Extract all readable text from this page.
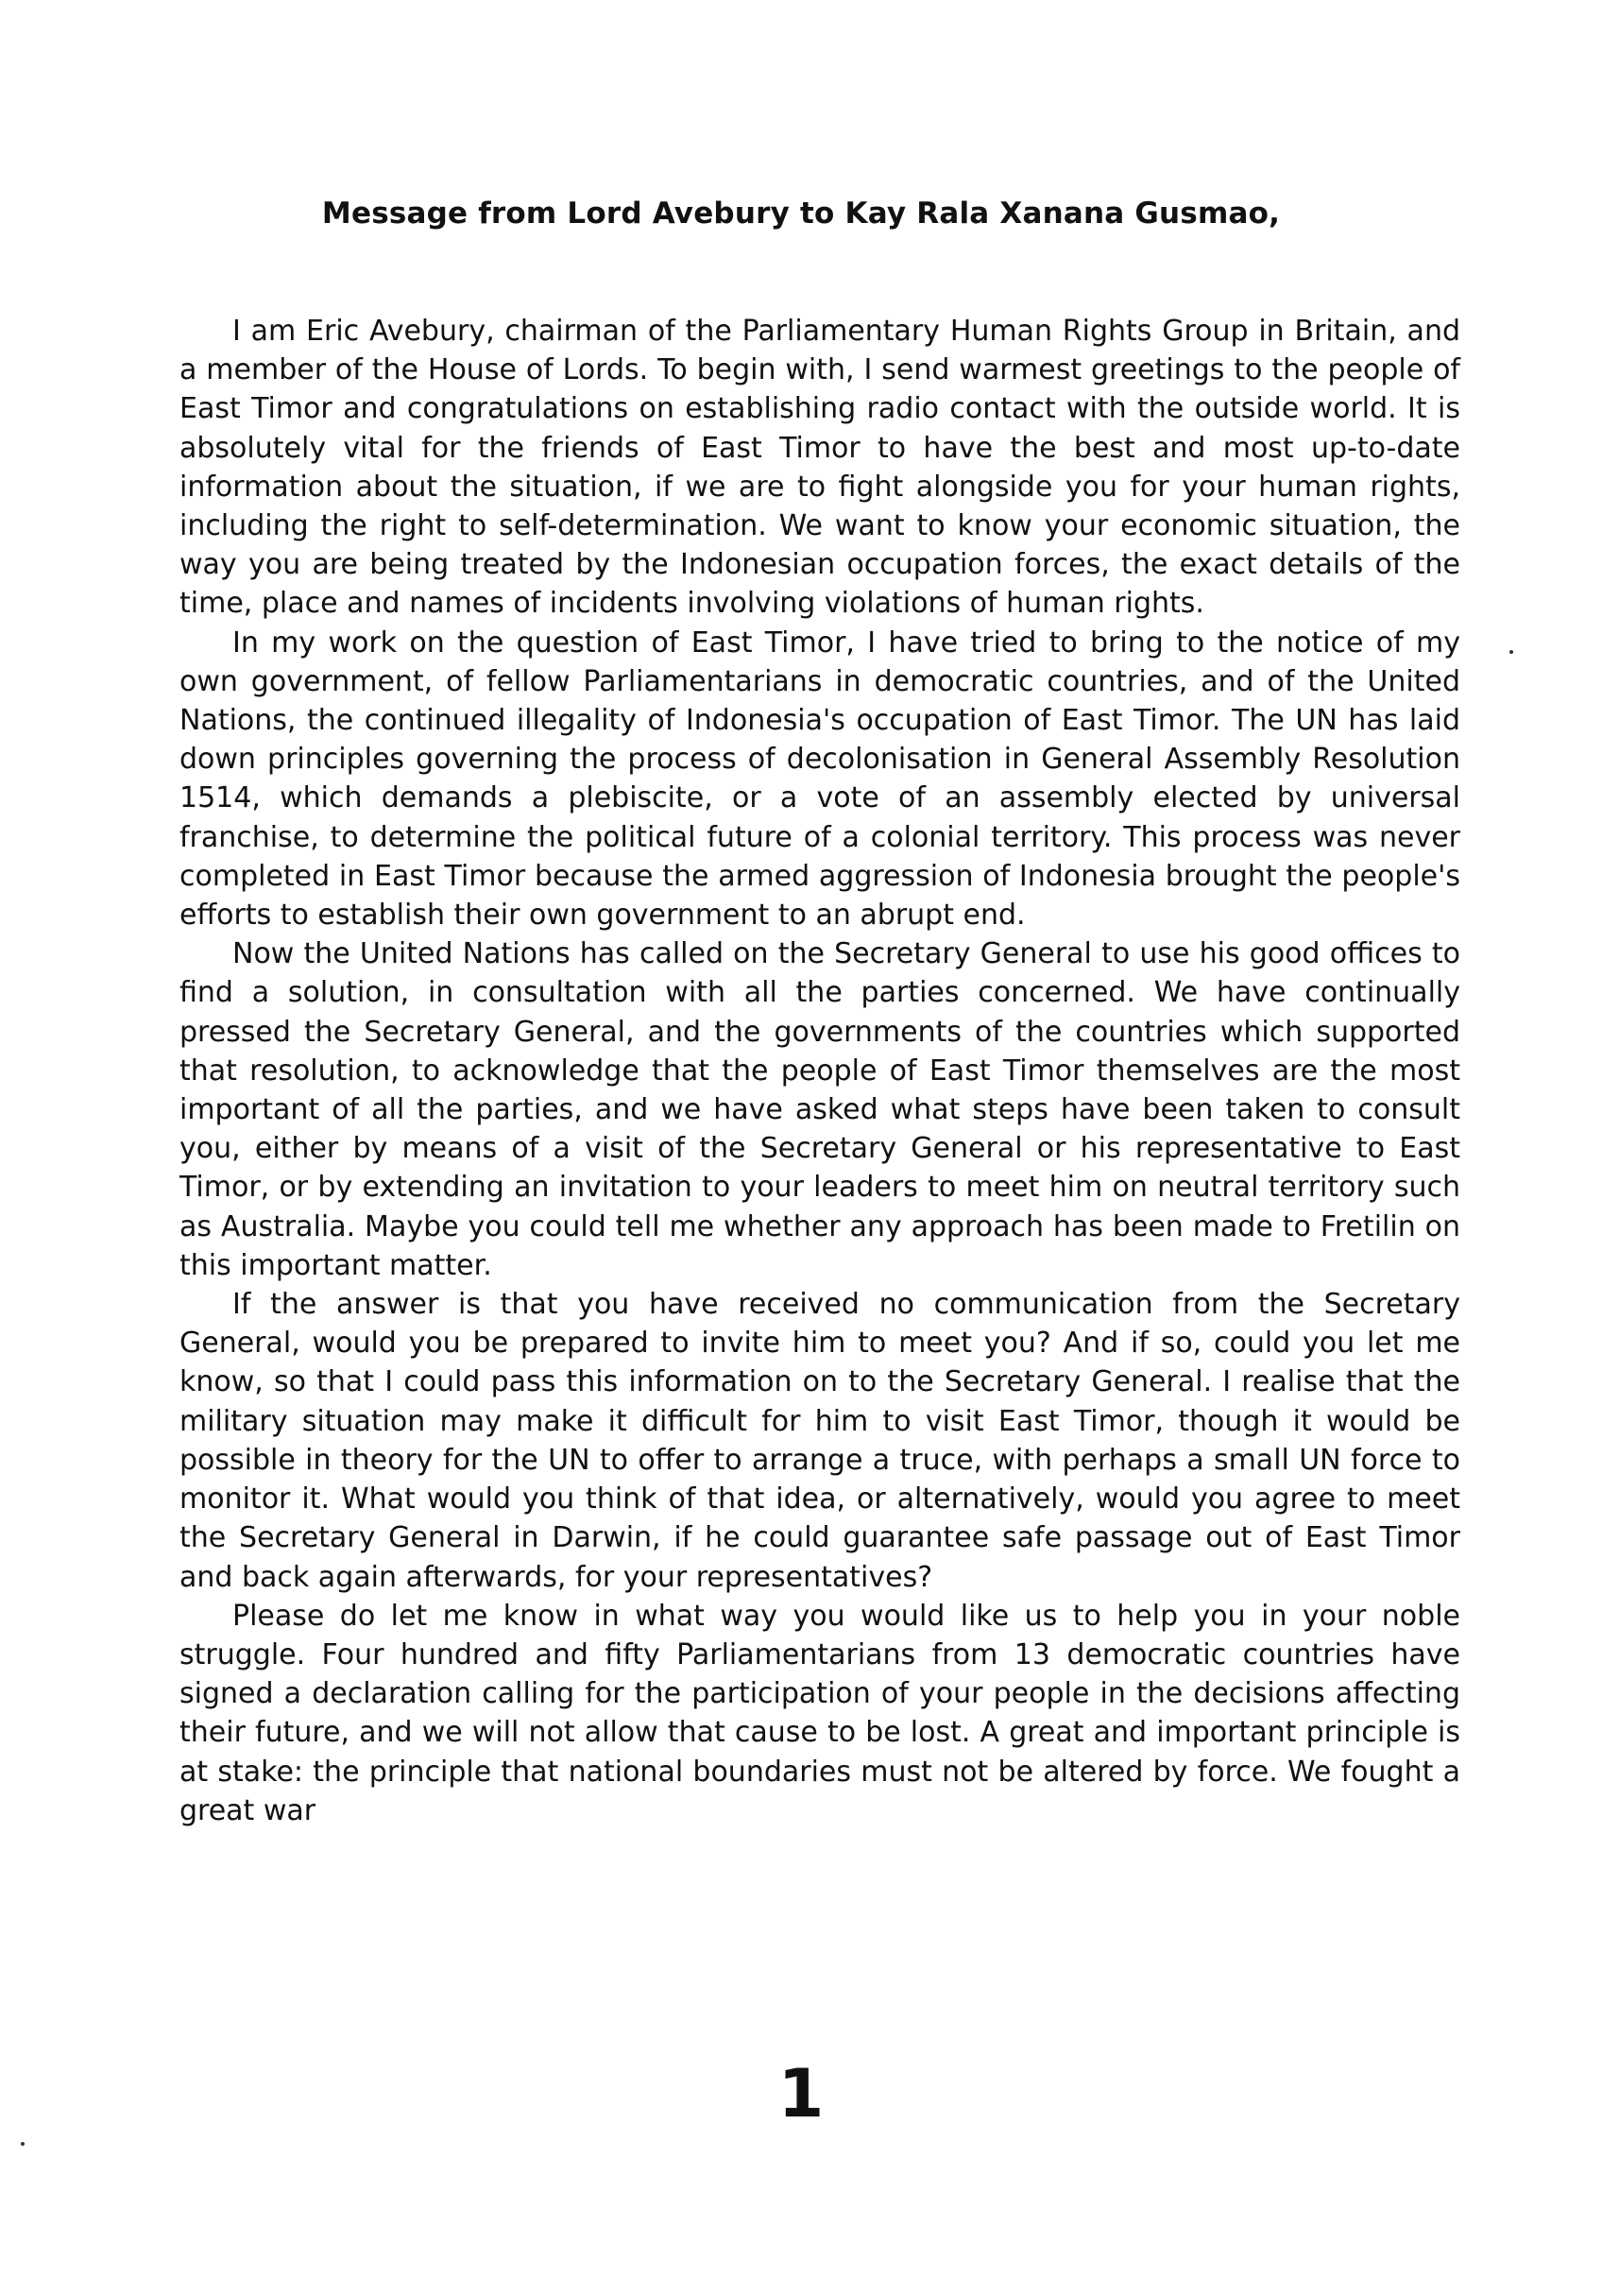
Message from Lord Avebury to Kay Rala Xanana Gusmao,

I am Eric Avebury, chairman of the Parliamentary Human Rights Group in Britain, and a member of the House of Lords. To begin with, I send warmest greetings to the people of East Timor and congratulations on establishing radio contact with the outside world. It is absolutely vital for the friends of East Timor to have the best and most up-to-date information about the situation, if we are to fight alongside you for your human rights, including the right to self-determination. We want to know your economic situation, the way you are being treated by the Indonesian occupation forces, the exact details of the time, place and names of incidents involving violations of human rights.

In my work on the question of East Timor, I have tried to bring to the notice of my own government, of fellow Parliamentarians in democratic countries, and of the United Nations, the continued illegality of Indonesia's occupation of East Timor. The UN has laid down principles governing the process of decolonisation in General Assembly Resolution 1514, which demands a plebiscite, or a vote of an assembly elected by universal franchise, to determine the political future of a colonial territory. This process was never completed in East Timor because the armed aggression of Indonesia brought the people's efforts to establish their own government to an abrupt end.

Now the United Nations has called on the Secretary General to use his good offices to find a solution, in consultation with all the parties concerned. We have continually pressed the Secretary General, and the governments of the countries which supported that resolution, to acknowledge that the people of East Timor themselves are the most important of all the parties, and we have asked what steps have been taken to consult you, either by means of a visit of the Secretary General or his representative to East Timor, or by extending an invitation to your leaders to meet him on neutral territory such as Australia. Maybe you could tell me whether any approach has been made to Fretilin on this important matter.

If the answer is that you have received no communication from the Secretary General, would you be prepared to invite him to meet you? And if so, could you let me know, so that I could pass this information on to the Secretary General. I realise that the military situation may make it difficult for him to visit East Timor, though it would be possible in theory for the UN to offer to arrange a truce, with perhaps a small UN force to monitor it. What would you think of that idea, or alternatively, would you agree to meet the Secretary General in Darwin, if he could guarantee safe passage out of East Timor and back again afterwards, for your representatives?

Please do let me know in what way you would like us to help you in your noble struggle. Four hundred and fifty Parliamentarians from 13 democratic countries have signed a declaration calling for the participation of your people in the decisions affecting their future, and we will not allow that cause to be lost. A great and important principle is at stake: the principle that national boundaries must not be altered by force. We fought a great war

1
